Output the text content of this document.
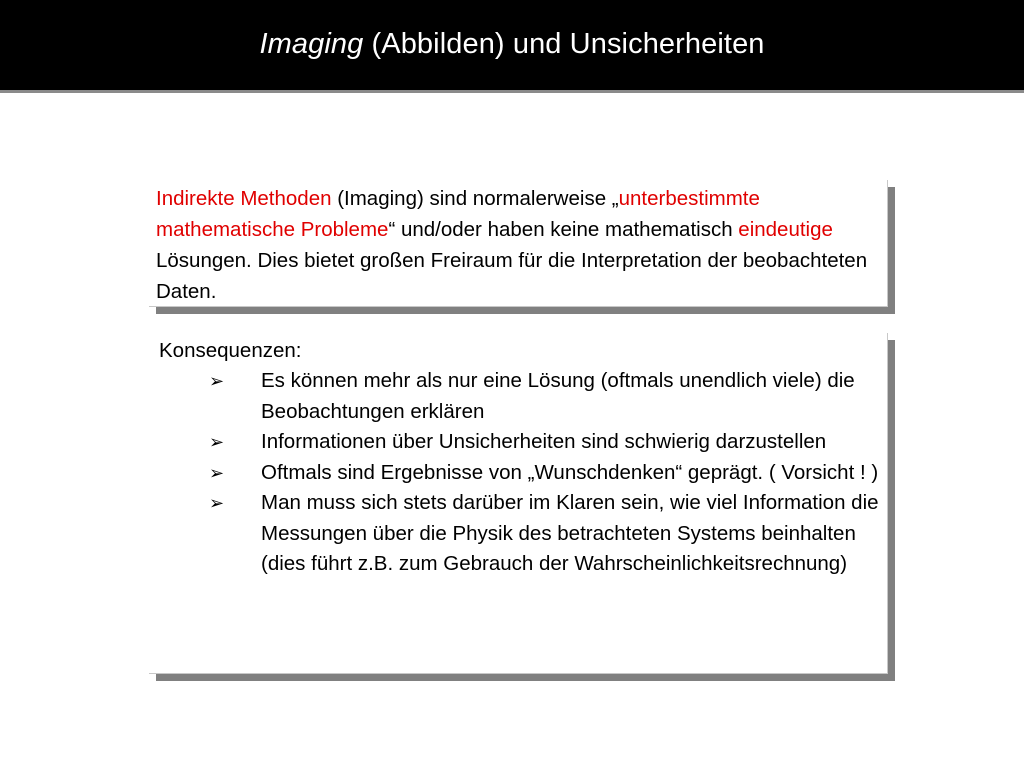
Imaging (Abbilden) und Unsicherheiten
Indirekte Methoden (Imaging) sind normalerweise „unterbestimmte mathematische Probleme“ und/oder haben keine mathematisch eindeutige Lösungen. Dies bietet großen Freiraum für die Interpretation der beobachteten Daten.
Konsequenzen:
➢ Es können mehr als nur eine Lösung (oftmals unendlich viele) die Beobachtungen erklären
➢ Informationen über Unsicherheiten sind schwierig darzustellen
➢ Oftmals sind Ergebnisse von „Wunschdenken“ geprägt. ( Vorsicht ! )
➢ Man muss sich stets darüber im Klaren sein, wie viel Information die Messungen über die Physik des betrachteten Systems beinhalten (dies führt z.B. zum Gebrauch der Wahrscheinlichkeitsrechnung)
